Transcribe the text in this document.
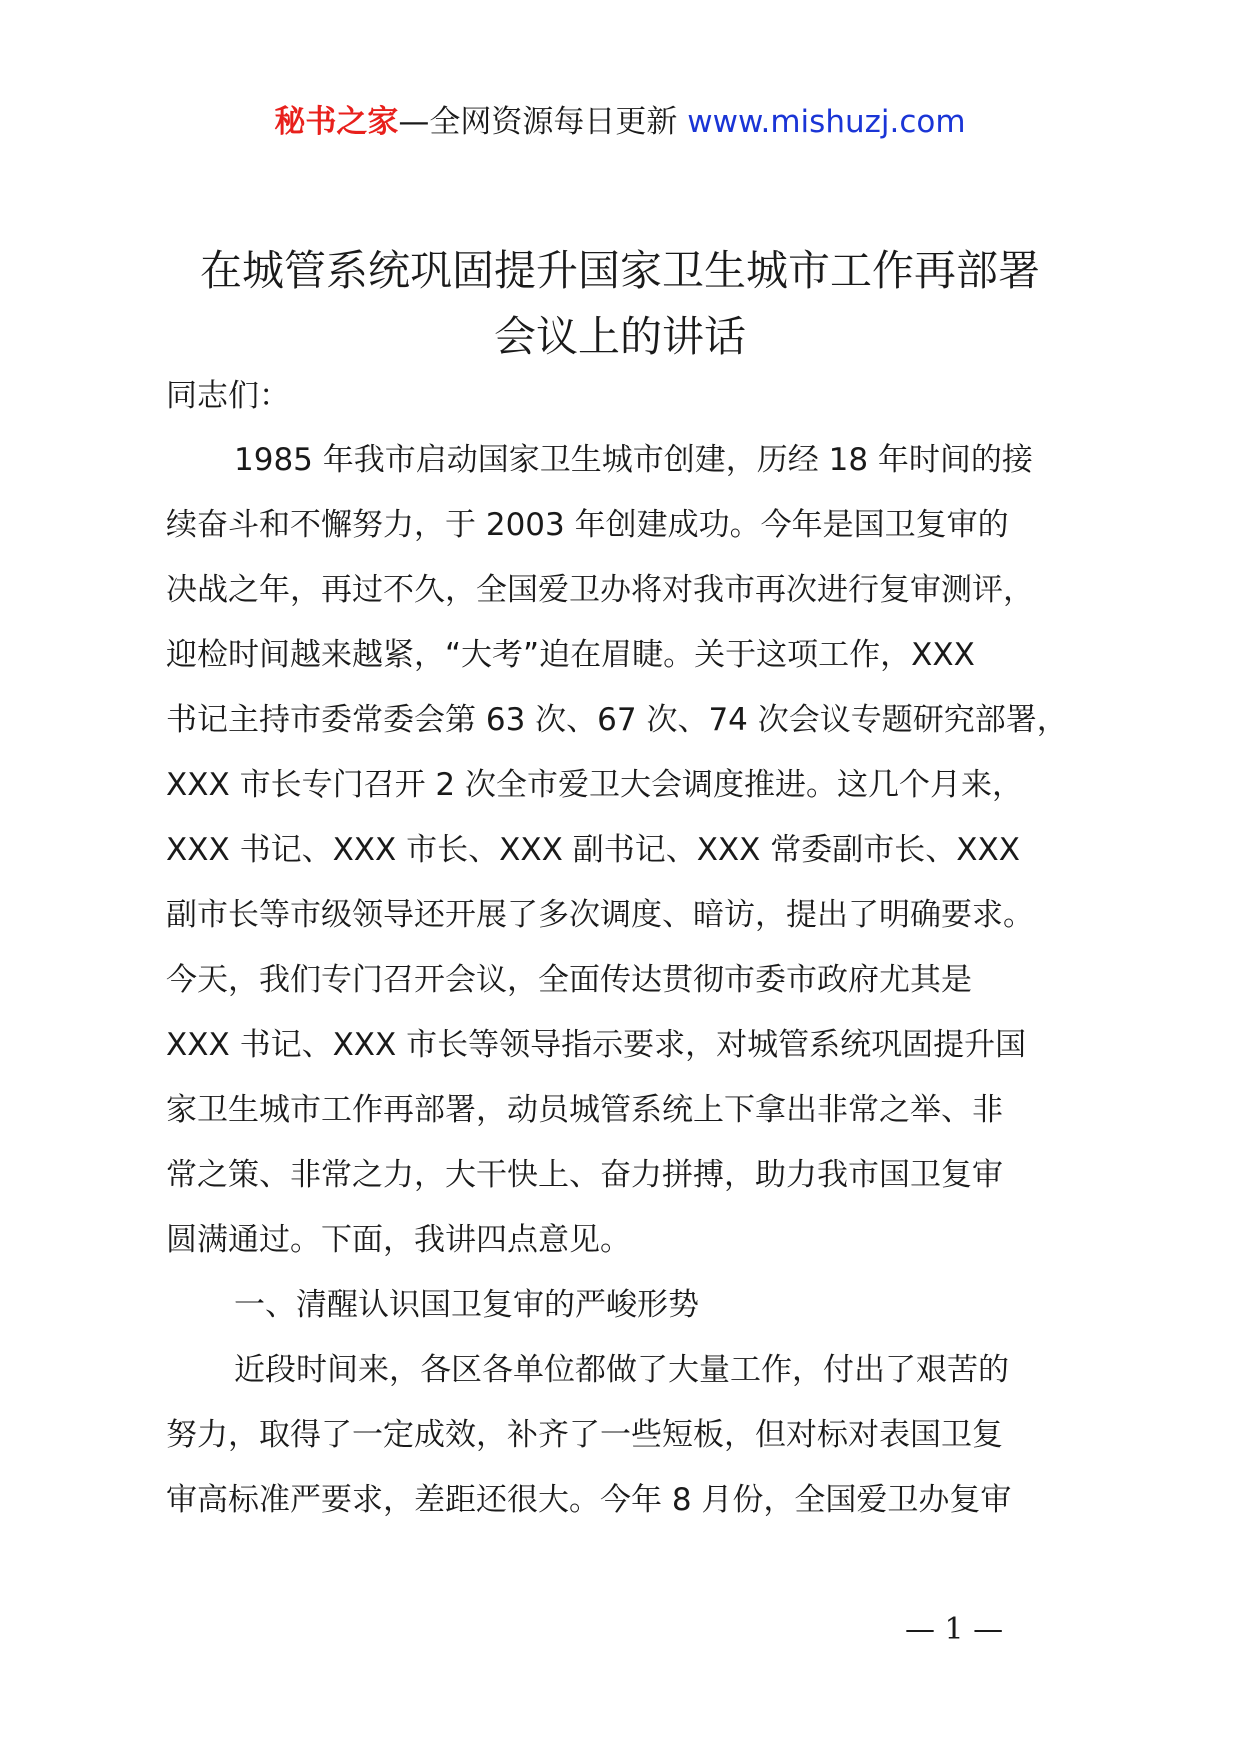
秘书之家—全网资源每日更新 www.mishuzj.com
在城管系统巩固提升国家卫生城市工作再部署
会议上的讲话
同志们：
1985 年我市启动国家卫生城市创建，历经 18 年时间的接
续奋斗和不懈努力，于 2003 年创建成功。今年是国卫复审的
决战之年，再过不久，全国爱卫办将对我市再次进行复审测评，
迎检时间越来越紧，“大考”迫在眉睫。关于这项工作，XXX
书记主持市委常委会第 63 次、67 次、74 次会议专题研究部署，
XXX 市长专门召开 2 次全市爱卫大会调度推进。这几个月来，
XXX 书记、XXX 市长、XXX 副书记、XXX 常委副市长、XXX
副市长等市级领导还开展了多次调度、暗访，提出了明确要求。
今天，我们专门召开会议，全面传达贯彻市委市政府尤其是
XXX 书记、XXX 市长等领导指示要求，对城管系统巩固提升国
家卫生城市工作再部署，动员城管系统上下拿出非常之举、非
常之策、非常之力，大干快上、奋力拼搏，助力我市国卫复审
圆满通过。下面，我讲四点意见。
一、清醒认识国卫复审的严峻形势
近段时间来，各区各单位都做了大量工作，付出了艰苦的
努力，取得了一定成效，补齐了一些短板，但对标对表国卫复
审高标准严要求，差距还很大。今年 8 月份，全国爱卫办复审
— 1 —
